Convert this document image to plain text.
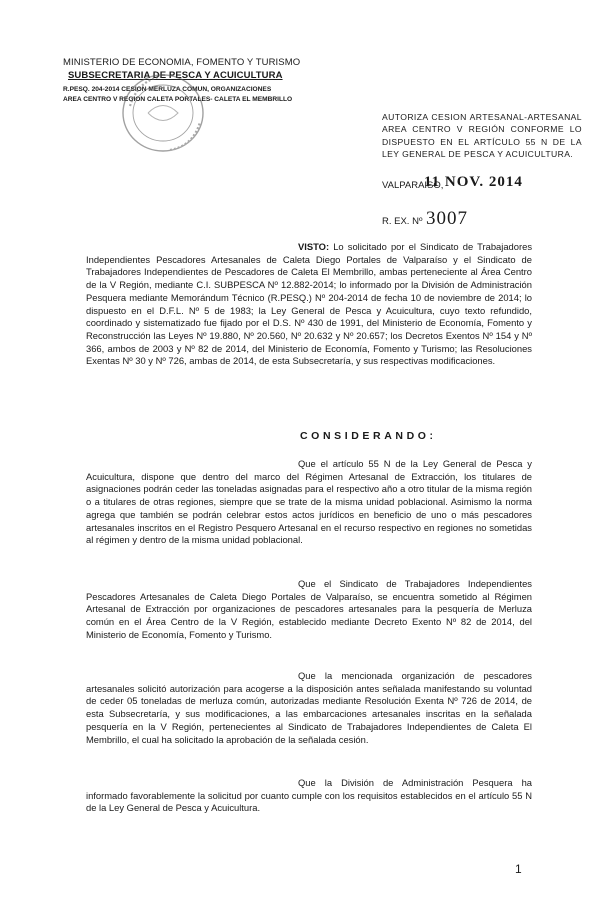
MINISTERIO DE ECONOMIA, FOMENTO Y TURISMO
SUBSECRETARIA DE PESCA Y ACUICULTURA
R.PESQ. 204-2014 CESION MERLUZA COMUN, ORGANIZACIONES
AREA CENTRO V REGION CALETA PORTALES- CALETA EL MEMBRILLO
AUTORIZA CESION ARTESANAL-ARTESANAL AREA CENTRO V REGIÓN CONFORME LO DISPUESTO EN EL ARTÍCULO 55 N DE LA LEY GENERAL DE PESCA Y ACUICULTURA.
VALPARAISO,
11 NOV. 2014
R. EX. Nº 3007
VISTO: Lo solicitado por el Sindicato de Trabajadores Independientes Pescadores Artesanales de Caleta Diego Portales de Valparaíso y el Sindicato de Trabajadores Independientes de Pescadores de Caleta El Membrillo, ambas perteneciente al Área Centro de la V Región, mediante C.I. SUBPESCA Nº 12.882-2014; lo informado por la División de Administración Pesquera mediante Memorándum Técnico (R.PESQ.) Nº 204-2014 de fecha 10 de noviembre de 2014; lo dispuesto en el D.F.L. Nº 5 de 1983; la Ley General de Pesca y Acuicultura, cuyo texto refundido, coordinado y sistematizado fue fijado por el D.S. Nº 430 de 1991, del Ministerio de Economía, Fomento y Reconstrucción las Leyes Nº 19.880, Nº 20.560, Nº 20.632 y Nº 20.657; los Decretos Exentos Nº 154 y Nº 366, ambos de 2003 y Nº 82 de 2014, del Ministerio de Economía, Fomento y Turismo; las Resoluciones Exentas Nº 30 y Nº 726, ambas de 2014, de esta Subsecretaría, y sus respectivas modificaciones.
CONSIDERANDO:
Que el artículo 55 N de la Ley General de Pesca y Acuicultura, dispone que dentro del marco del Régimen Artesanal de Extracción, los titulares de asignaciones podrán ceder las toneladas asignadas para el respectivo año a otro titular de la misma región o a titulares de otras regiones, siempre que se trate de la misma unidad poblacional. Asimismo la norma agrega que también se podrán celebrar estos actos jurídicos en beneficio de uno o más pescadores artesanales inscritos en el Registro Pesquero Artesanal en el recurso respectivo en regiones no sometidas al régimen y dentro de la misma unidad poblacional.
Que el Sindicato de Trabajadores Independientes Pescadores Artesanales de Caleta Diego Portales de Valparaíso, se encuentra sometido al Régimen Artesanal de Extracción por organizaciones de pescadores artesanales para la pesquería de Merluza común en el Área Centro de la V Región, establecido mediante Decreto Exento Nº 82 de 2014, del Ministerio de Economía, Fomento y Turismo.
Que la mencionada organización de pescadores artesanales solicitó autorización para acogerse a la disposición antes señalada manifestando su voluntad de ceder 05 toneladas de merluza común, autorizadas mediante Resolución Exenta Nº 726 de 2014, de esta Subsecretaría, y sus modificaciones, a las embarcaciones artesanales inscritas en la señalada pesquería en la V Región, pertenecientes al Sindicato de Trabajadores Independientes de Caleta El Membrillo, el cual ha solicitado la aprobación de la señalada cesión.
Que la División de Administración Pesquera ha informado favorablemente la solicitud por cuanto cumple con los requisitos establecidos en el artículo 55 N de la Ley General de Pesca y Acuicultura.
1
